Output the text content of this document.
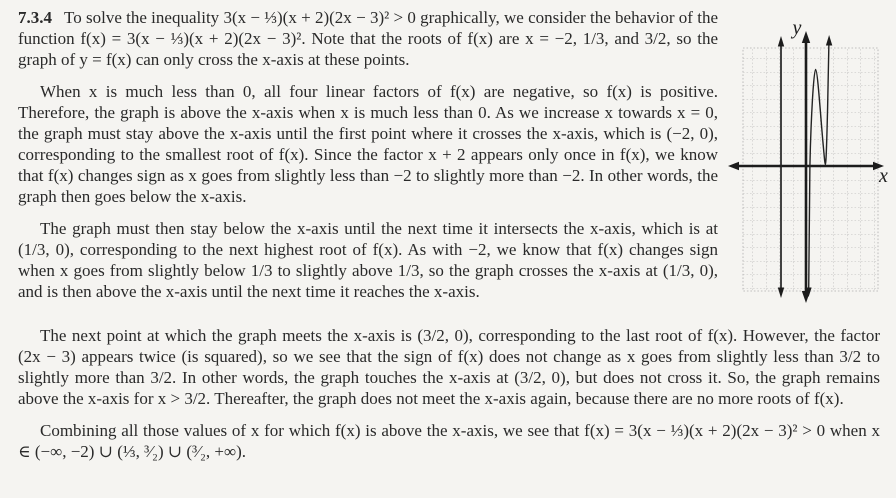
y
x

7.3.4 To solve the inequality 3(x − ⅓)(x + 2)(2x − 3)² > 0 graphically, we consider the behavior of the function f(x) = 3(x − ⅓)(x + 2)(2x − 3)². Note that the roots of f(x) are x = −2, 1/3, and 3/2, so the graph of y = f(x) can only cross the x-axis at these points.

When x is much less than 0, all four linear factors of f(x) are negative, so f(x) is positive. Therefore, the graph is above the x-axis when x is much less than 0. As we increase x towards x = 0, the graph must stay above the x-axis until the first point where it crosses the x-axis, which is (−2, 0), corresponding to the smallest root of f(x). Since the factor x + 2 appears only once in f(x), we know that f(x) changes sign as x goes from slightly less than −2 to slightly more than −2. In other words, the graph then goes below the x-axis.

The graph must then stay below the x-axis until the next time it intersects the x-axis, which is at (1/3, 0), corresponding to the next highest root of f(x). As with −2, we know that f(x) changes sign when x goes from slightly below 1/3 to slightly above 1/3, so the graph crosses the x-axis at (1/3, 0), and is then above the x-axis until the next time it reaches the x-axis.

The next point at which the graph meets the x-axis is (3/2, 0), corresponding to the last root of f(x). However, the factor (2x − 3) appears twice (is squared), so we see that the sign of f(x) does not change as x goes from slightly less than 3/2 to slightly more than 3/2. In other words, the graph touches the x-axis at (3/2, 0), but does not cross it. So, the graph remains above the x-axis for x > 3/2. Thereafter, the graph does not meet the x-axis again, because there are no more roots of f(x).

Combining all those values of x for which f(x) is above the x-axis, we see that f(x) = 3(x − ⅓)(x + 2)(2x − 3)² > 0 when x ∈ (−∞, −2) ∪ (⅓, ³⁄₂) ∪ (³⁄₂, +∞).
